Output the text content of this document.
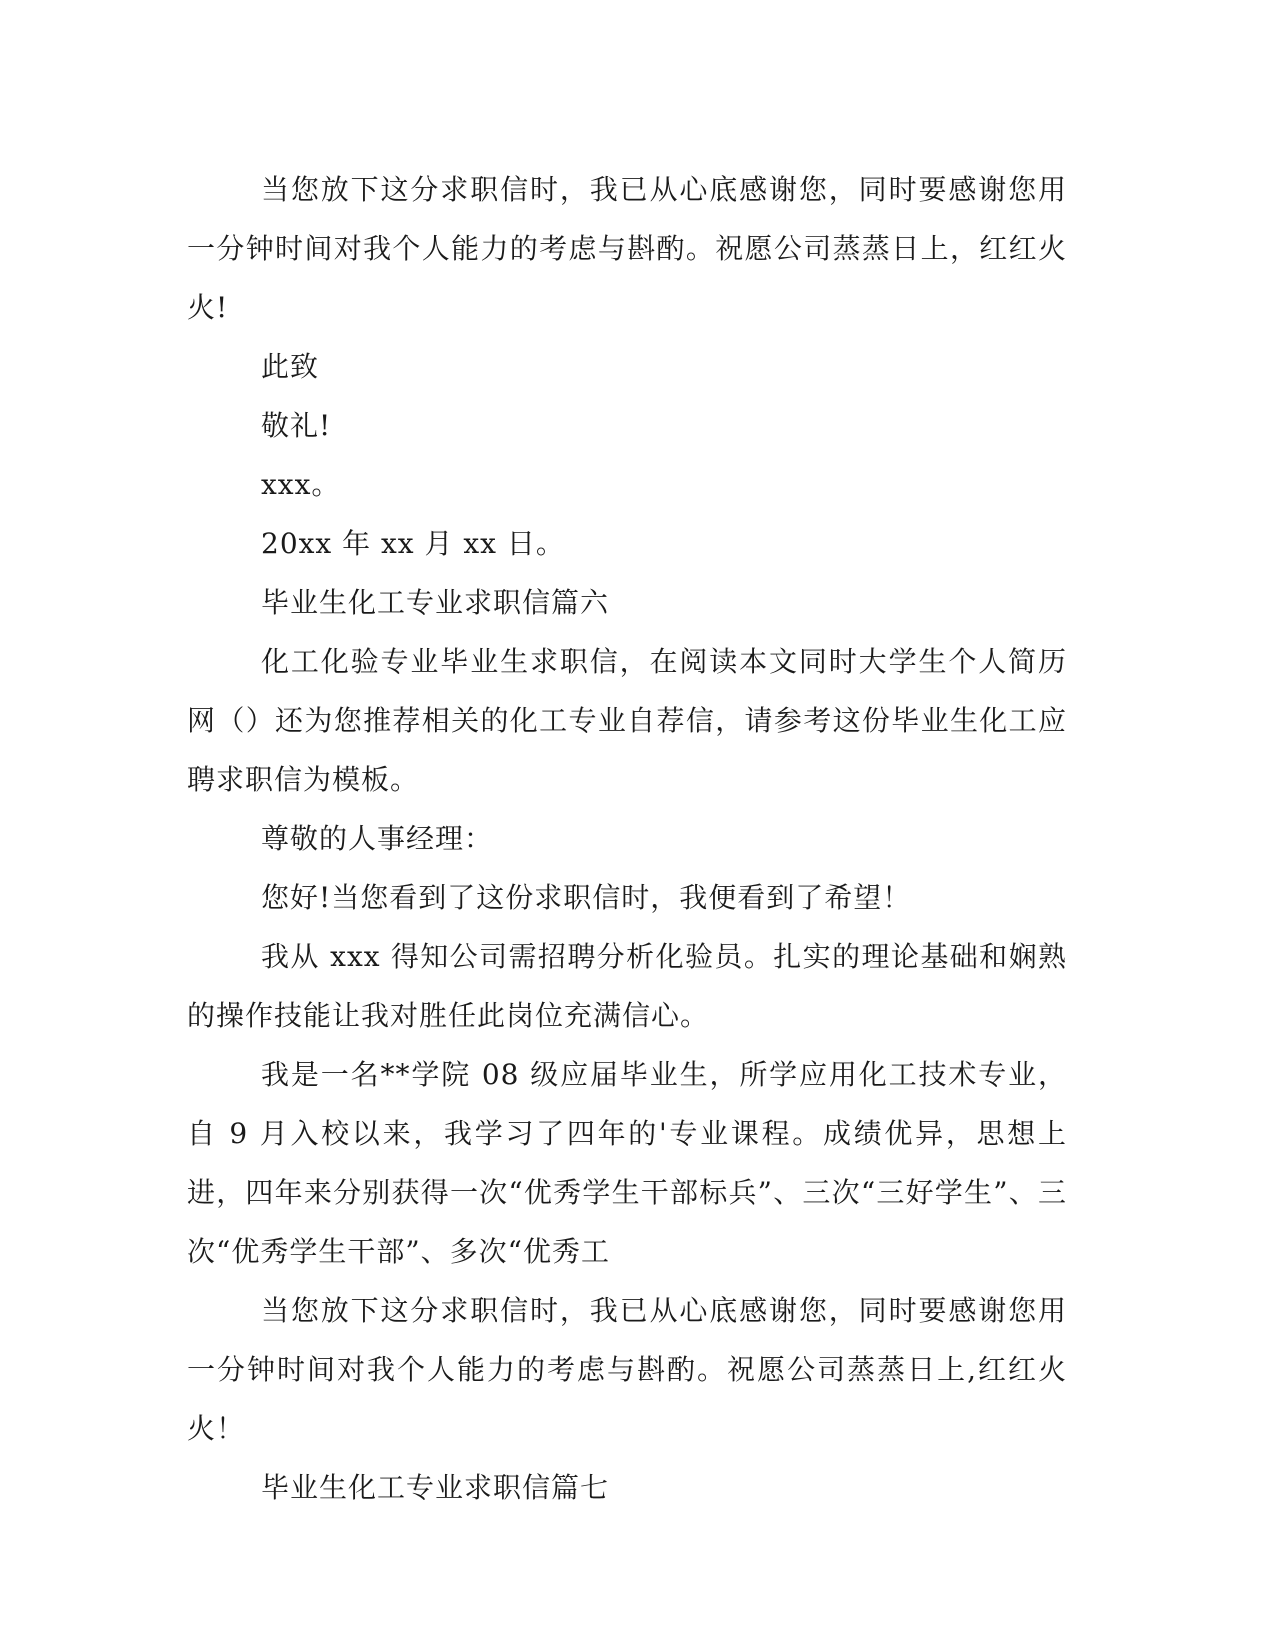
当您放下这分求职信时，我已从心底感谢您，同时要感谢您用一分钟时间对我个人能力的考虑与斟酌。祝愿公司蒸蒸日上，红红火火!

此致

敬礼!

xxx。

20xx 年 xx 月 xx 日。

毕业生化工专业求职信篇六

化工化验专业毕业生求职信，在阅读本文同时大学生个人简历网（）还为您推荐相关的化工专业自荐信，请参考这份毕业生化工应聘求职信为模板。

尊敬的人事经理：

您好!当您看到了这份求职信时，我便看到了希望！

我从 xxx 得知公司需招聘分析化验员。扎实的理论基础和娴熟的操作技能让我对胜任此岗位充满信心。

我是一名**学院 08 级应届毕业生，所学应用化工技术专业，自 9 月入校以来，我学习了四年的'专业课程。成绩优异，思想上进，四年来分别获得一次“优秀学生干部标兵”、三次“三好学生”、三次“优秀学生干部”、多次“优秀工

当您放下这分求职信时，我已从心底感谢您，同时要感谢您用一分钟时间对我个人能力的考虑与斟酌。祝愿公司蒸蒸日上,红红火火！

毕业生化工专业求职信篇七
